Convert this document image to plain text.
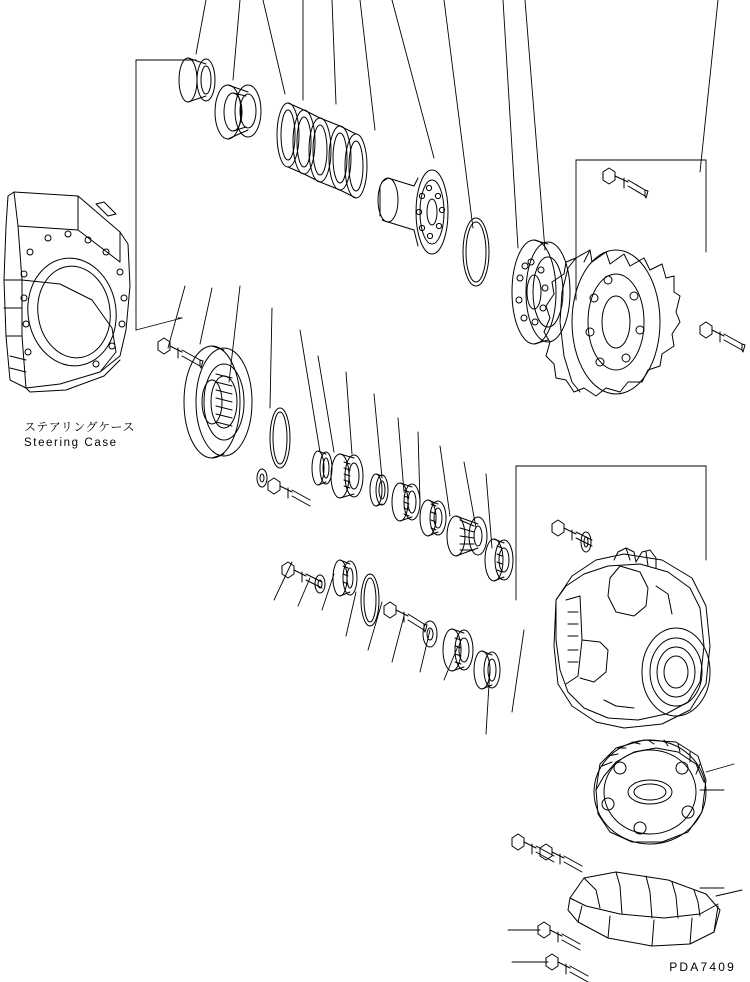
ステアリングケース
Steering Case
PDA7409
